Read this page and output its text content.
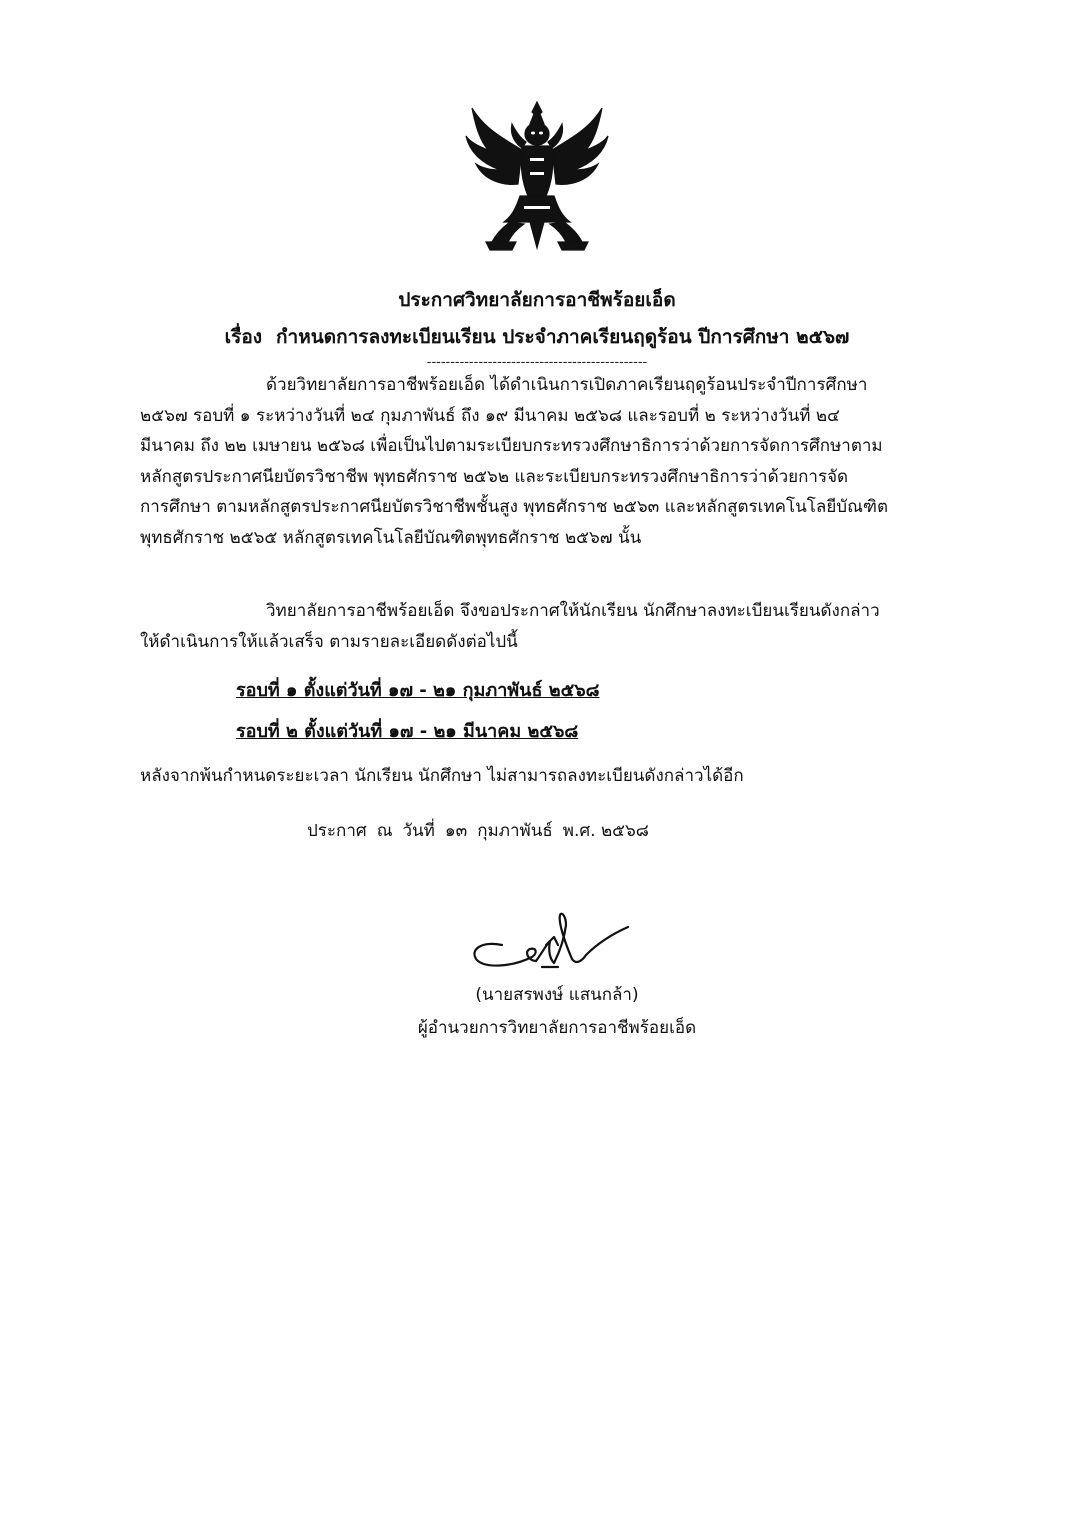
ประกาศวิทยาลัยการอาชีพร้อยเอ็ด
เรื่อง กำหนดการลงทะเบียนเรียน ประจำภาคเรียนฤดูร้อน ปีการศึกษา ๒๕๖๗
-----------------------------------------------
ด้วยวิทยาลัยการอาชีพร้อยเอ็ด ได้ดำเนินการเปิดภาคเรียนฤดูร้อนประจำปีการศึกษา
๒๕๖๗ รอบที่ ๑ ระหว่างวันที่ ๒๔ กุมภาพันธ์ ถึง ๑๙ มีนาคม ๒๕๖๘ และรอบที่ ๒ ระหว่างวันที่ ๒๔
มีนาคม ถึง ๒๒ เมษายน ๒๕๖๘ เพื่อเป็นไปตามระเบียบกระทรวงศึกษาธิการว่าด้วยการจัดการศึกษาตาม
หลักสูตรประกาศนียบัตรวิชาชีพ พุทธศักราช ๒๕๖๒ และระเบียบกระทรวงศึกษาธิการว่าด้วยการจัด
การศึกษา ตามหลักสูตรประกาศนียบัตรวิชาชีพชั้นสูง พุทธศักราช ๒๕๖๓ และหลักสูตรเทคโนโลยีบัณฑิต
พุทธศักราช ๒๕๖๕ หลักสูตรเทคโนโลยีบัณฑิตพุทธศักราช ๒๕๖๗ นั้น
วิทยาลัยการอาชีพร้อยเอ็ด จึงขอประกาศให้นักเรียน นักศึกษาลงทะเบียนเรียนดังกล่าว
ให้ดำเนินการให้แล้วเสร็จ ตามรายละเอียดดังต่อไปนี้
รอบที่ ๑ ตั้งแต่วันที่ ๑๗ - ๒๑ กุมภาพันธ์ ๒๕๖๘
รอบที่ ๒ ตั้งแต่วันที่ ๑๗ - ๒๑ มีนาคม ๒๕๖๘
หลังจากพ้นกำหนดระยะเวลา นักเรียน นักศึกษา ไม่สามารถลงทะเบียนดังกล่าวได้อีก
ประกาศ ณ วันที่ ๑๓ กุมภาพันธ์ พ.ศ. ๒๕๖๘
(นายสรพงษ์ แสนกล้า)
ผู้อำนวยการวิทยาลัยการอาชีพร้อยเอ็ด
